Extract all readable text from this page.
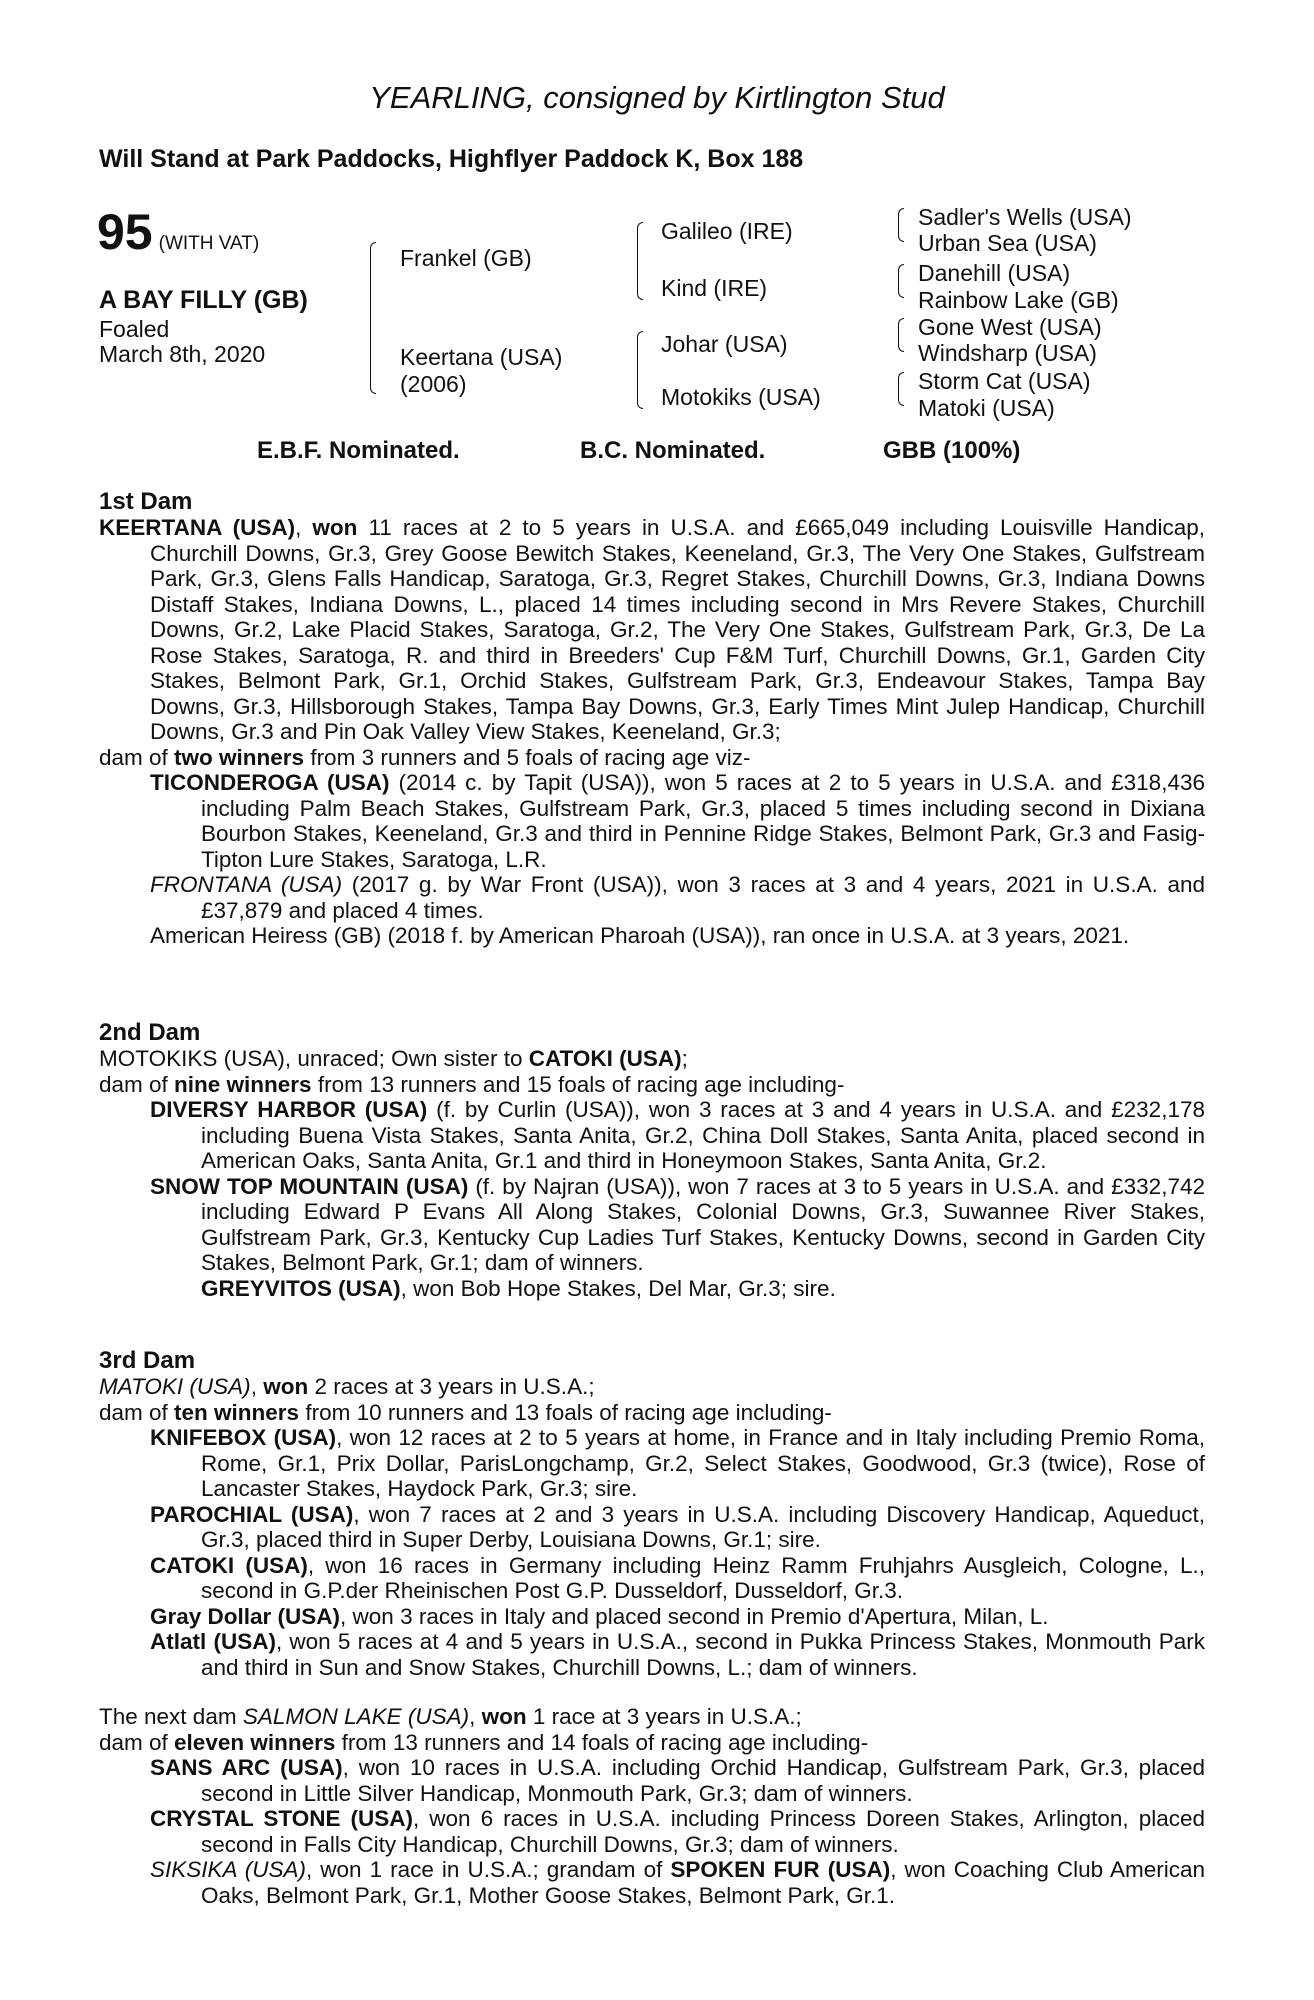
YEARLING, consigned by Kirtlington Stud
Will Stand at Park Paddocks, Highflyer Paddock K, Box 188
95 (WITH VAT)
A BAY FILLY (GB)
Foaled
March 8th, 2020
Frankel (GB)
Keertana (USA)
(2006)
Galileo (IRE)
Kind (IRE)
Johar (USA)
Motokiks (USA)
Sadler's Wells (USA)
Urban Sea (USA)
Danehill (USA)
Rainbow Lake (GB)
Gone West (USA)
Windsharp (USA)
Storm Cat (USA)
Matoki (USA)
E.B.F. Nominated.	B.C. Nominated.	GBB (100%)
1st Dam
KEERTANA (USA), won 11 races at 2 to 5 years in U.S.A. and £665,049 including Louisville Handicap, Churchill Downs, Gr.3, Grey Goose Bewitch Stakes, Keeneland, Gr.3, The Very One Stakes, Gulfstream Park, Gr.3, Glens Falls Handicap, Saratoga, Gr.3, Regret Stakes, Churchill Downs, Gr.3, Indiana Downs Distaff Stakes, Indiana Downs, L., placed 14 times including second in Mrs Revere Stakes, Churchill Downs, Gr.2, Lake Placid Stakes, Saratoga, Gr.2, The Very One Stakes, Gulfstream Park, Gr.3, De La Rose Stakes, Saratoga, R. and third in Breeders' Cup F&M Turf, Churchill Downs, Gr.1, Garden City Stakes, Belmont Park, Gr.1, Orchid Stakes, Gulfstream Park, Gr.3, Endeavour Stakes, Tampa Bay Downs, Gr.3, Hillsborough Stakes, Tampa Bay Downs, Gr.3, Early Times Mint Julep Handicap, Churchill Downs, Gr.3 and Pin Oak Valley View Stakes, Keeneland, Gr.3;
dam of two winners from 3 runners and 5 foals of racing age viz-
TICONDEROGA (USA) (2014 c. by Tapit (USA)), won 5 races at 2 to 5 years in U.S.A. and £318,436 including Palm Beach Stakes, Gulfstream Park, Gr.3, placed 5 times including second in Dixiana Bourbon Stakes, Keeneland, Gr.3 and third in Pennine Ridge Stakes, Belmont Park, Gr.3 and Fasig-Tipton Lure Stakes, Saratoga, L.R.
FRONTANA (USA) (2017 g. by War Front (USA)), won 3 races at 3 and 4 years, 2021 in U.S.A. and £37,879 and placed 4 times.
American Heiress (GB) (2018 f. by American Pharoah (USA)), ran once in U.S.A. at 3 years, 2021.
2nd Dam
MOTOKIKS (USA), unraced; Own sister to CATOKI (USA);
dam of nine winners from 13 runners and 15 foals of racing age including-
DIVERSY HARBOR (USA) (f. by Curlin (USA)), won 3 races at 3 and 4 years in U.S.A. and £232,178 including Buena Vista Stakes, Santa Anita, Gr.2, China Doll Stakes, Santa Anita, placed second in American Oaks, Santa Anita, Gr.1 and third in Honeymoon Stakes, Santa Anita, Gr.2.
SNOW TOP MOUNTAIN (USA) (f. by Najran (USA)), won 7 races at 3 to 5 years in U.S.A. and £332,742 including Edward P Evans All Along Stakes, Colonial Downs, Gr.3, Suwannee River Stakes, Gulfstream Park, Gr.3, Kentucky Cup Ladies Turf Stakes, Kentucky Downs, second in Garden City Stakes, Belmont Park, Gr.1; dam of winners.
GREYVITOS (USA), won Bob Hope Stakes, Del Mar, Gr.3; sire.
3rd Dam
MATOKI (USA), won 2 races at 3 years in U.S.A.;
dam of ten winners from 10 runners and 13 foals of racing age including-
KNIFEBOX (USA), won 12 races at 2 to 5 years at home, in France and in Italy including Premio Roma, Rome, Gr.1, Prix Dollar, ParisLongchamp, Gr.2, Select Stakes, Goodwood, Gr.3 (twice), Rose of Lancaster Stakes, Haydock Park, Gr.3; sire.
PAROCHIAL (USA), won 7 races at 2 and 3 years in U.S.A. including Discovery Handicap, Aqueduct, Gr.3, placed third in Super Derby, Louisiana Downs, Gr.1; sire.
CATOKI (USA), won 16 races in Germany including Heinz Ramm Fruhjahrs Ausgleich, Cologne, L., second in G.P.der Rheinischen Post G.P. Dusseldorf, Dusseldorf, Gr.3.
Gray Dollar (USA), won 3 races in Italy and placed second in Premio d'Apertura, Milan, L.
Atlatl (USA), won 5 races at 4 and 5 years in U.S.A., second in Pukka Princess Stakes, Monmouth Park and third in Sun and Snow Stakes, Churchill Downs, L.; dam of winners.
The next dam SALMON LAKE (USA), won 1 race at 3 years in U.S.A.;
dam of eleven winners from 13 runners and 14 foals of racing age including-
SANS ARC (USA), won 10 races in U.S.A. including Orchid Handicap, Gulfstream Park, Gr.3, placed second in Little Silver Handicap, Monmouth Park, Gr.3; dam of winners.
CRYSTAL STONE (USA), won 6 races in U.S.A. including Princess Doreen Stakes, Arlington, placed second in Falls City Handicap, Churchill Downs, Gr.3; dam of winners.
SIKSIKA (USA), won 1 race in U.S.A.; grandam of SPOKEN FUR (USA), won Coaching Club American Oaks, Belmont Park, Gr.1, Mother Goose Stakes, Belmont Park, Gr.1.
